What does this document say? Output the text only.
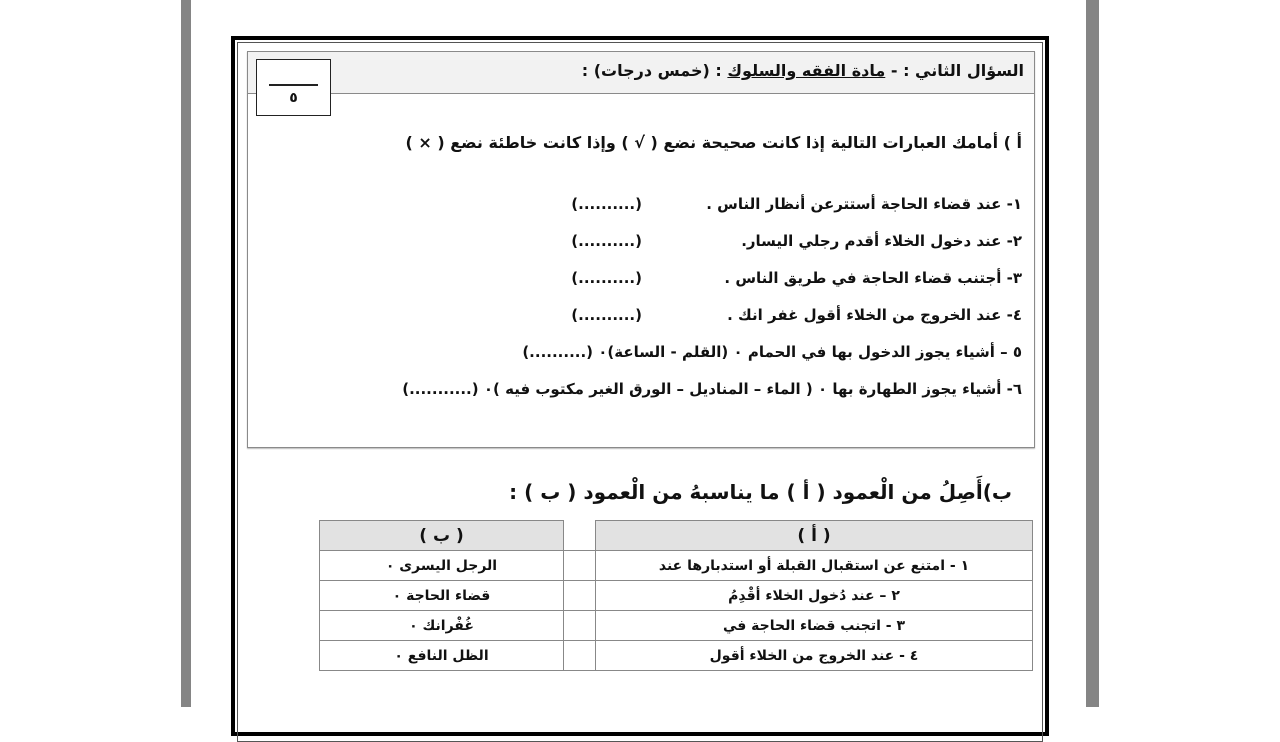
السؤال الثاني : - مادة الفقه والسلوك : (خمس درجات) :
٥
أ ) أمامك العبارات التالية إذا كانت صحيحة نضع ( √ ) وإذا كانت خاطئة نضع ( × )
١- عند قضاء الحاجة أستترعن أنظار الناس .(..........)
٢- عند دخول الخلاء أقدم رجلي اليسار.(..........)
٣- أجتنب قضاء الحاجة في طريق الناس .(..........)
٤- عند الخروج من الخلاء أقول غفر انك .(..........)
٥ – أشياء يجوز الدخول بها في الحمام ٠ (القلم - الساعة)٠ (..........)
٦- أشياء يجوز الطهارة بها ٠ ( الماء – المناديل – الورق الغير مكتوب فيه )٠ (...........)
ب)أَصِلُ من الْعمود ( أ ) ما يناسبهُ من الْعمود ( ب ) :
( أ )		( ب )
١ - امتنع عن استقبال القبلة أو استدبارها عند		الرجل اليسرى ٠
٢ – عند دُخول الخلاء أقْدِمُ		قضاء الحاجة ٠
٣ - اتجنب قضاء الحاجة في		غُفْرانك ٠
٤ - عند الخروج من الخلاء أقول		الظل النافع ٠
